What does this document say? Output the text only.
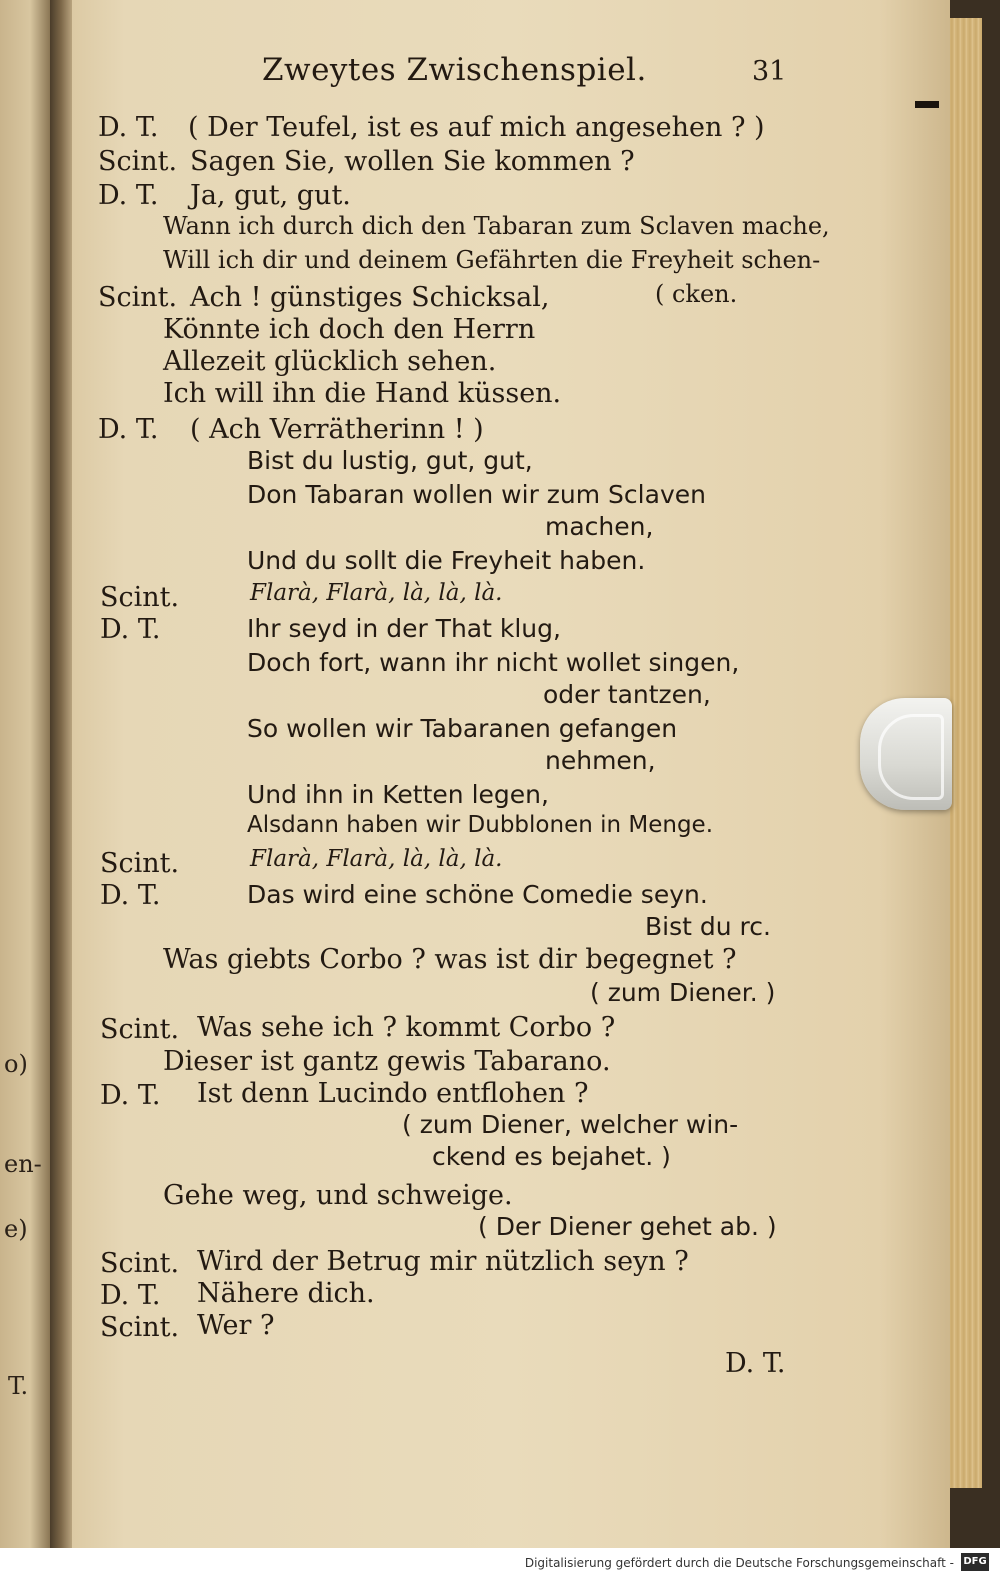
o)
en-
e)
T.
Zweytes Zwischenspiel.	31
D. T. ( Der Teufel, ist es auf mich angesehen ? )
Scint. Sagen Sie, wollen Sie kommen ?
D. T. Ja, gut, gut.
Wann ich durch dich den Tabaran zum Sclaven mache,
Will ich dir und deinem Gefährten die Freyheit schen-
Scint. Ach ! günstiges Schicksal,	( cken.
Könnte ich doch den Herrn
Allezeit glücklich sehen.
Ich will ihn die Hand küssen.
D. T. ( Ach Verrätherinn ! )
Bist du lustig, gut, gut,
Don Tabaran wollen wir zum Sclaven
machen,
Und du sollt die Freyheit haben.
Scint.	Flarà, Flarà, là, là, là.
D. T.	Ihr seyd in der That klug,
Doch fort, wann ihr nicht wollet singen,
oder tantzen,
So wollen wir Tabaranen gefangen
nehmen,
Und ihn in Ketten legen,
Alsdann haben wir Dubblonen in Menge.
Scint.	Flarà, Flarà, là, là, là.
D. T.	Das wird eine schöne Comedie seyn.
Bist du rc.
Was giebts Corbo ? was ist dir begegnet ?
( zum Diener. )
Scint. Was sehe ich ? kommt Corbo ?
Dieser ist gantz gewis Tabarano.
D. T. Ist denn Lucindo entflohen ?
( zum Diener, welcher win-
ckend es bejahet. )
Gehe weg, und schweige.
( Der Diener gehet ab. )
Scint. Wird der Betrug mir nützlich seyn ?
D. T. Nähere dich.
Scint. Wer ?
D. T.
Digitalisierung gefördert durch die Deutsche Forschungsgemeinschaft - DFG
